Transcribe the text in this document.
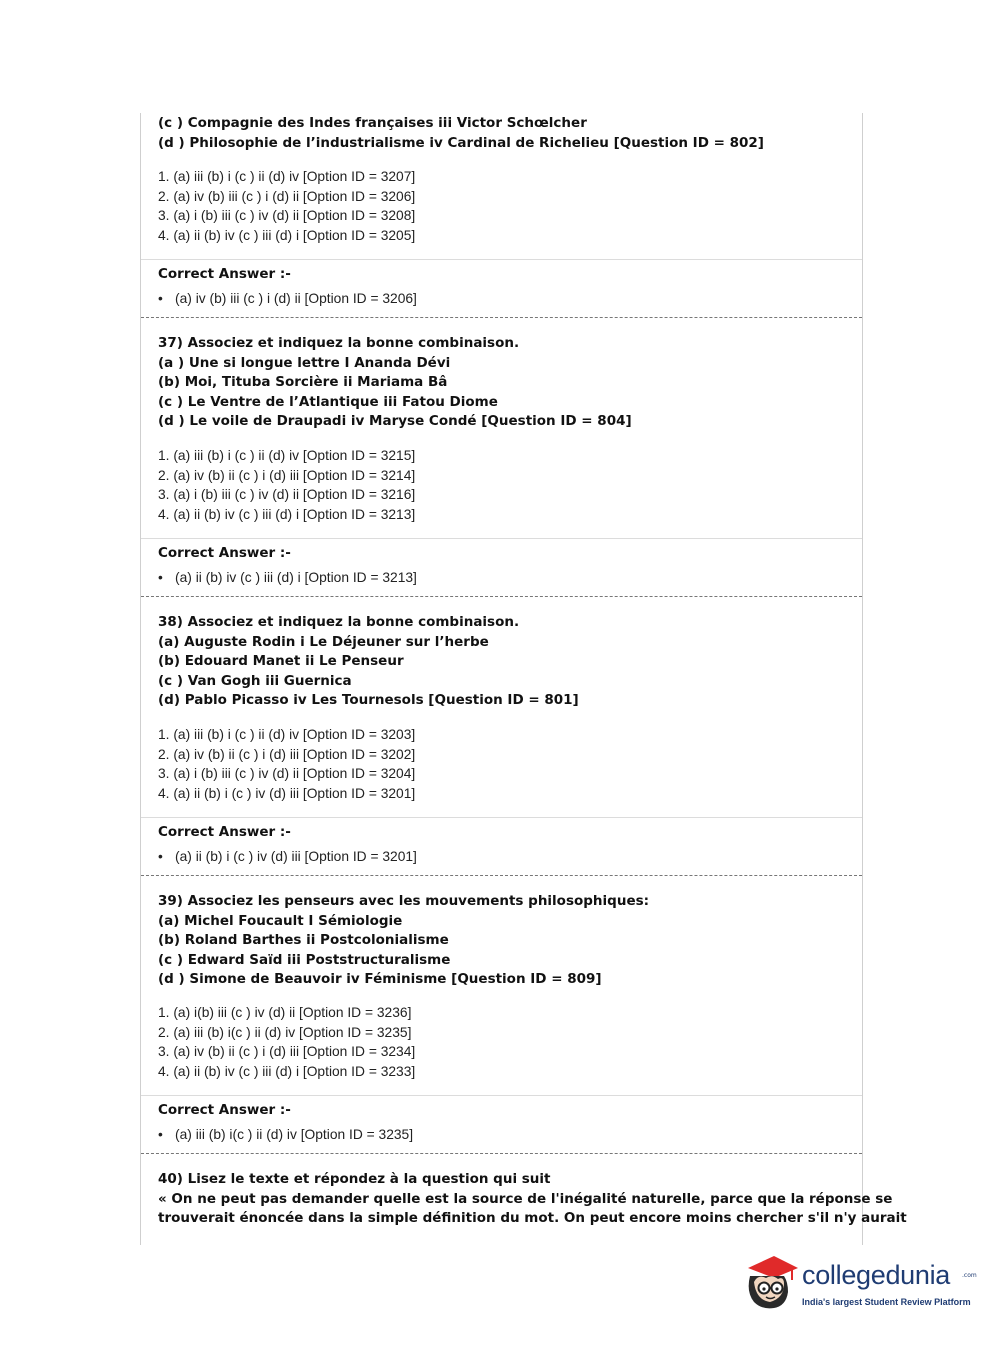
(c ) Compagnie des Indes françaises iii Victor Schœlcher
(d ) Philosophie de l’industrialisme iv Cardinal de Richelieu [Question ID = 802]
1. (a) iii (b) i (c ) ii (d) iv [Option ID = 3207]
2. (a) iv (b) iii (c ) i (d) ii [Option ID = 3206]
3. (a) i (b) iii (c ) iv (d) ii [Option ID = 3208]
4. (a) ii (b) iv (c ) iii (d) i [Option ID = 3205]
Correct Answer :-
• (a) iv (b) iii (c ) i (d) ii [Option ID = 3206]
37) Associez et indiquez la bonne combinaison.
(a ) Une si longue lettre I Ananda Dévi
(b) Moi, Tituba Sorcière ii Mariama Bâ
(c ) Le Ventre de l’Atlantique iii Fatou Diome
(d ) Le voile de Draupadi iv Maryse Condé [Question ID = 804]
1. (a) iii (b) i (c ) ii (d) iv [Option ID = 3215]
2. (a) iv (b) ii (c ) i (d) iii [Option ID = 3214]
3. (a) i (b) iii (c ) iv (d) ii [Option ID = 3216]
4. (a) ii (b) iv (c ) iii (d) i [Option ID = 3213]
Correct Answer :-
• (a) ii (b) iv (c ) iii (d) i [Option ID = 3213]
38) Associez et indiquez la bonne combinaison.
(a) Auguste Rodin i Le Déjeuner sur l’herbe
(b) Edouard Manet ii Le Penseur
(c ) Van Gogh iii Guernica
(d) Pablo Picasso iv Les Tournesols [Question ID = 801]
1. (a) iii (b) i (c ) ii (d) iv [Option ID = 3203]
2. (a) iv (b) ii (c ) i (d) iii [Option ID = 3202]
3. (a) i (b) iii (c ) iv (d) ii [Option ID = 3204]
4. (a) ii (b) i (c ) iv (d) iii [Option ID = 3201]
Correct Answer :-
• (a) ii (b) i (c ) iv (d) iii [Option ID = 3201]
39) Associez les penseurs avec les mouvements philosophiques:
(a) Michel Foucault I Sémiologie
(b) Roland Barthes ii Postcolonialisme
(c ) Edward Saïd iii Poststructuralisme
(d ) Simone de Beauvoir iv Féminisme [Question ID = 809]
1. (a) i(b) iii (c ) iv (d) ii [Option ID = 3236]
2. (a) iii (b) i(c ) ii (d) iv [Option ID = 3235]
3. (a) iv (b) ii (c ) i (d) iii [Option ID = 3234]
4. (a) ii (b) iv (c ) iii (d) i [Option ID = 3233]
Correct Answer :-
• (a) iii (b) i(c ) ii (d) iv [Option ID = 3235]
40) Lisez le texte et répondez à la question qui suit
« On ne peut pas demander quelle est la source de l'inégalité naturelle, parce que la réponse se
trouverait énoncée dans la simple définition du mot. On peut encore moins chercher s'il n'y aurait
collegedunia .com
India's largest Student Review Platform
